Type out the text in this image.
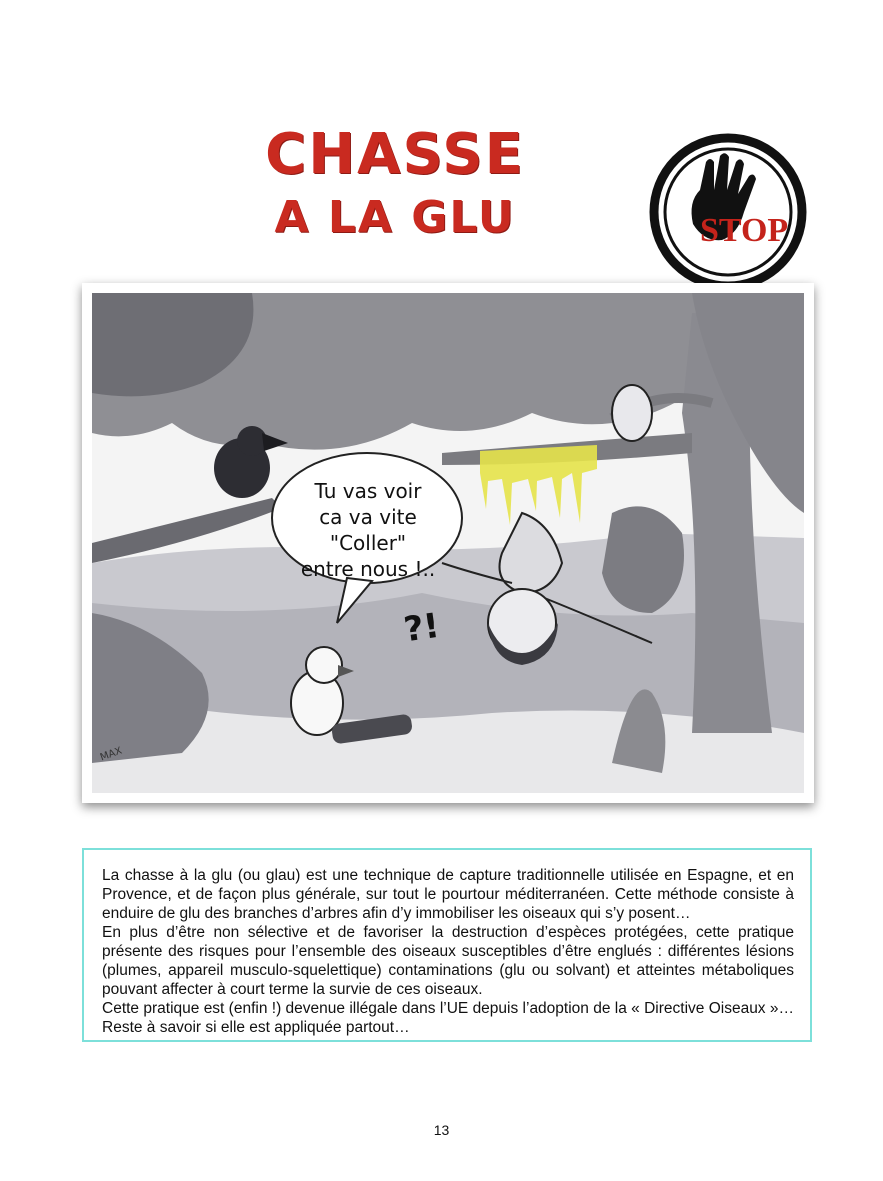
CHASSE
A LA GLU	STOP
Tu vas voir
ca va vite "Coller"
entre nous !..
?!
MAX

La chasse à la glu (ou glau) est une technique de capture traditionnelle utilisée en Espagne, et en Provence, et de façon plus générale, sur tout le pourtour méditerranéen. Cette méthode consiste à enduire de glu des branches d’arbres afin d’y immobiliser les oiseaux qui s’y posent…

En plus d’être non sélective et de favoriser la destruction d’espèces protégées, cette pratique présente des risques pour l’ensemble des oiseaux susceptibles d’être englués : différentes lésions (plumes, appareil musculo-squelettique) contaminations (glu ou solvant) et atteintes métaboliques pouvant affecter à court terme la survie de ces oiseaux.

Cette pratique est (enfin !) devenue illégale dans l’UE depuis l’adoption de la « Directive Oiseaux »… Reste à savoir si elle est appliquée partout…

13
